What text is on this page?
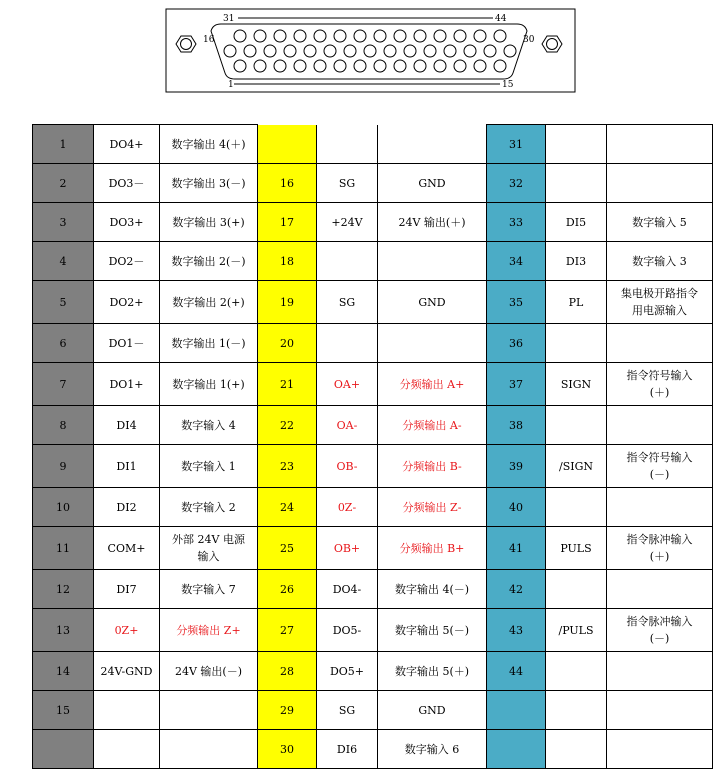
31	44
16	30
1	15
1	DO4+	数字输出 4(＋)				31		
2	DO3－	数字输出 3(－)	16	SG	GND	32		
3	DO3+	数字输出 3(+)	17	+24V	24V 输出(＋)	33	DI5	数字输入 5
4	DO2－	数字输出 2(－)	18			34	DI3	数字输入 3
5	DO2+	数字输出 2(+)	19	SG	GND	35	PL	集电极开路指令
用电源输入
6	DO1－	数字输出 1(－)	20			36		
7	DO1+	数字输出 1(+)	21	OA+	分频输出 A+	37	SIGN	指令符号输入
(＋)
8	DI4	数字输入 4	22	OA-	分频输出 A-	38		
9	DI1	数字输入 1	23	OB-	分频输出 B-	39	/SIGN	指令符号输入
(－)
10	DI2	数字输入 2	24	0Z-	分频输出 Z-	40		
11	COM+	外部 24V 电源
输入	25	OB+	分频输出 B+	41	PULS	指令脉冲输入
(＋)
12	DI7	数字输入 7	26	DO4-	数字输出 4(－)	42		
13	0Z+	分频输出 Z+	27	DO5-	数字输出 5(－)	43	/PULS	指令脉冲输入
(－)
14	24V-GND	24V 输出(－)	28	DO5+	数字输出 5(＋)	44		
15			29	SG	GND			
			30	DI6	数字输入 6			
